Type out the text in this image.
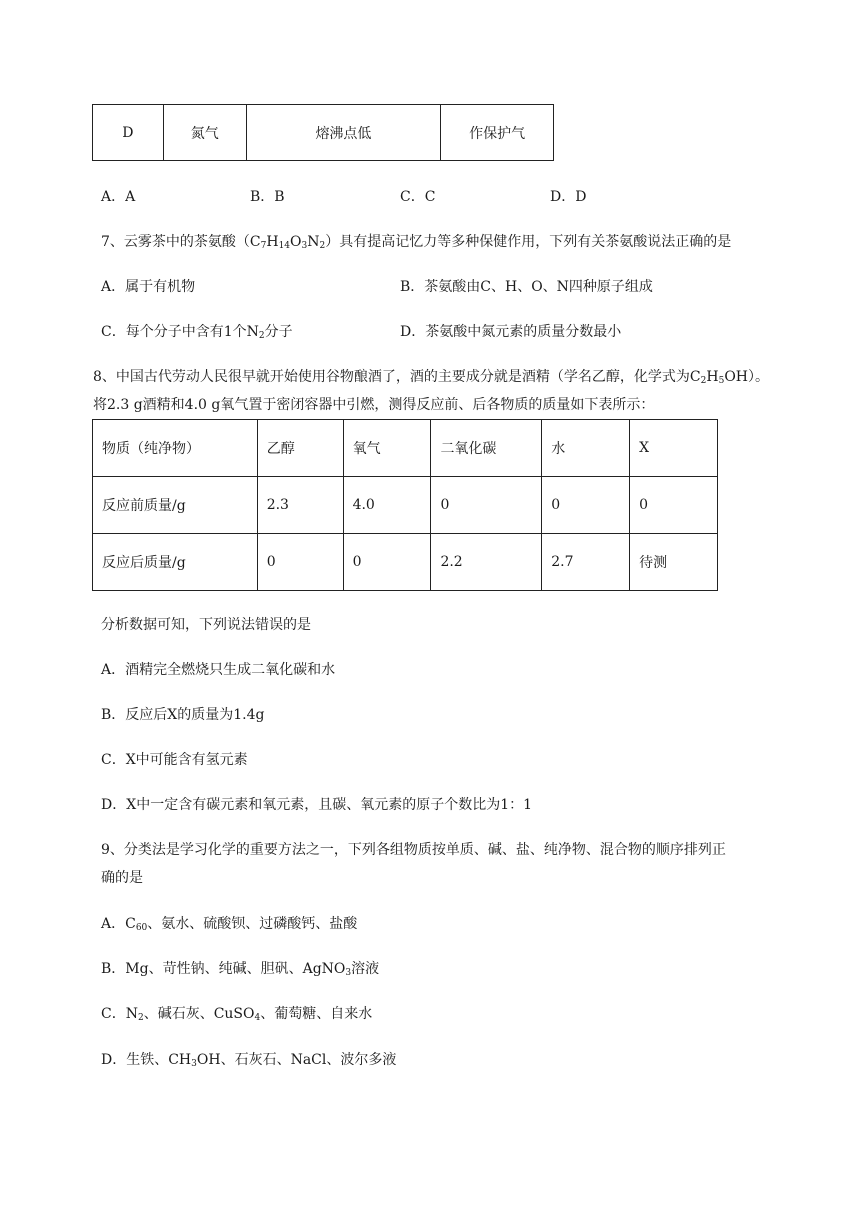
D	氮气	熔沸点低	作保护气
A．A	B．B	C．C	D．D
7、云雾茶中的茶氨酸$(C_7H_{14}O_3N_2)$具有提高记忆力等多种保健作用，下列有关茶氨酸说法正确的是
A．属于有机物	B．茶氨酸由C、H、O、N四种原子组成
C．每个分子中含有1个$N_2$分子	D．茶氨酸中氮元素的质量分数最小
8、中国古代劳动人民很早就开始使用谷物酿酒了，酒的主要成分就是酒精（学名乙醇，化学式为$C_2H_5OH$）。
将2.3 g酒精和4.0 g氧气置于密闭容器中引燃，测得反应前、后各物质的质量如下表所示：
物质（纯净物）	乙醇	氧气	二氧化碳	水	X
反应前质量/g	2.3	4.0	0	0	0
反应后质量/g	0	0	2.2	2.7	待测
分析数据可知，下列说法错误的是
A．酒精完全燃烧只生成二氧化碳和水
B．反应后X的质量为1.4g
C．X中可能含有氢元素
D．X中一定含有碳元素和氧元素，且碳、氧元素的原子个数比为1：1
9、分类法是学习化学的重要方法之一，下列各组物质按单质、碱、盐、纯净物、混合物的顺序排列正
确的是
A．$C_{60}$、氨水、硫酸钡、过磷酸钙、盐酸
B．Mg、苛性钠、纯碱、胆矾、AgNO$_3$溶液
C．$N_2$、碱石灰、CuSO$_4$、葡萄糖、自来水
D．生铁、$CH_3OH$、石灰石、NaCl、波尔多液
